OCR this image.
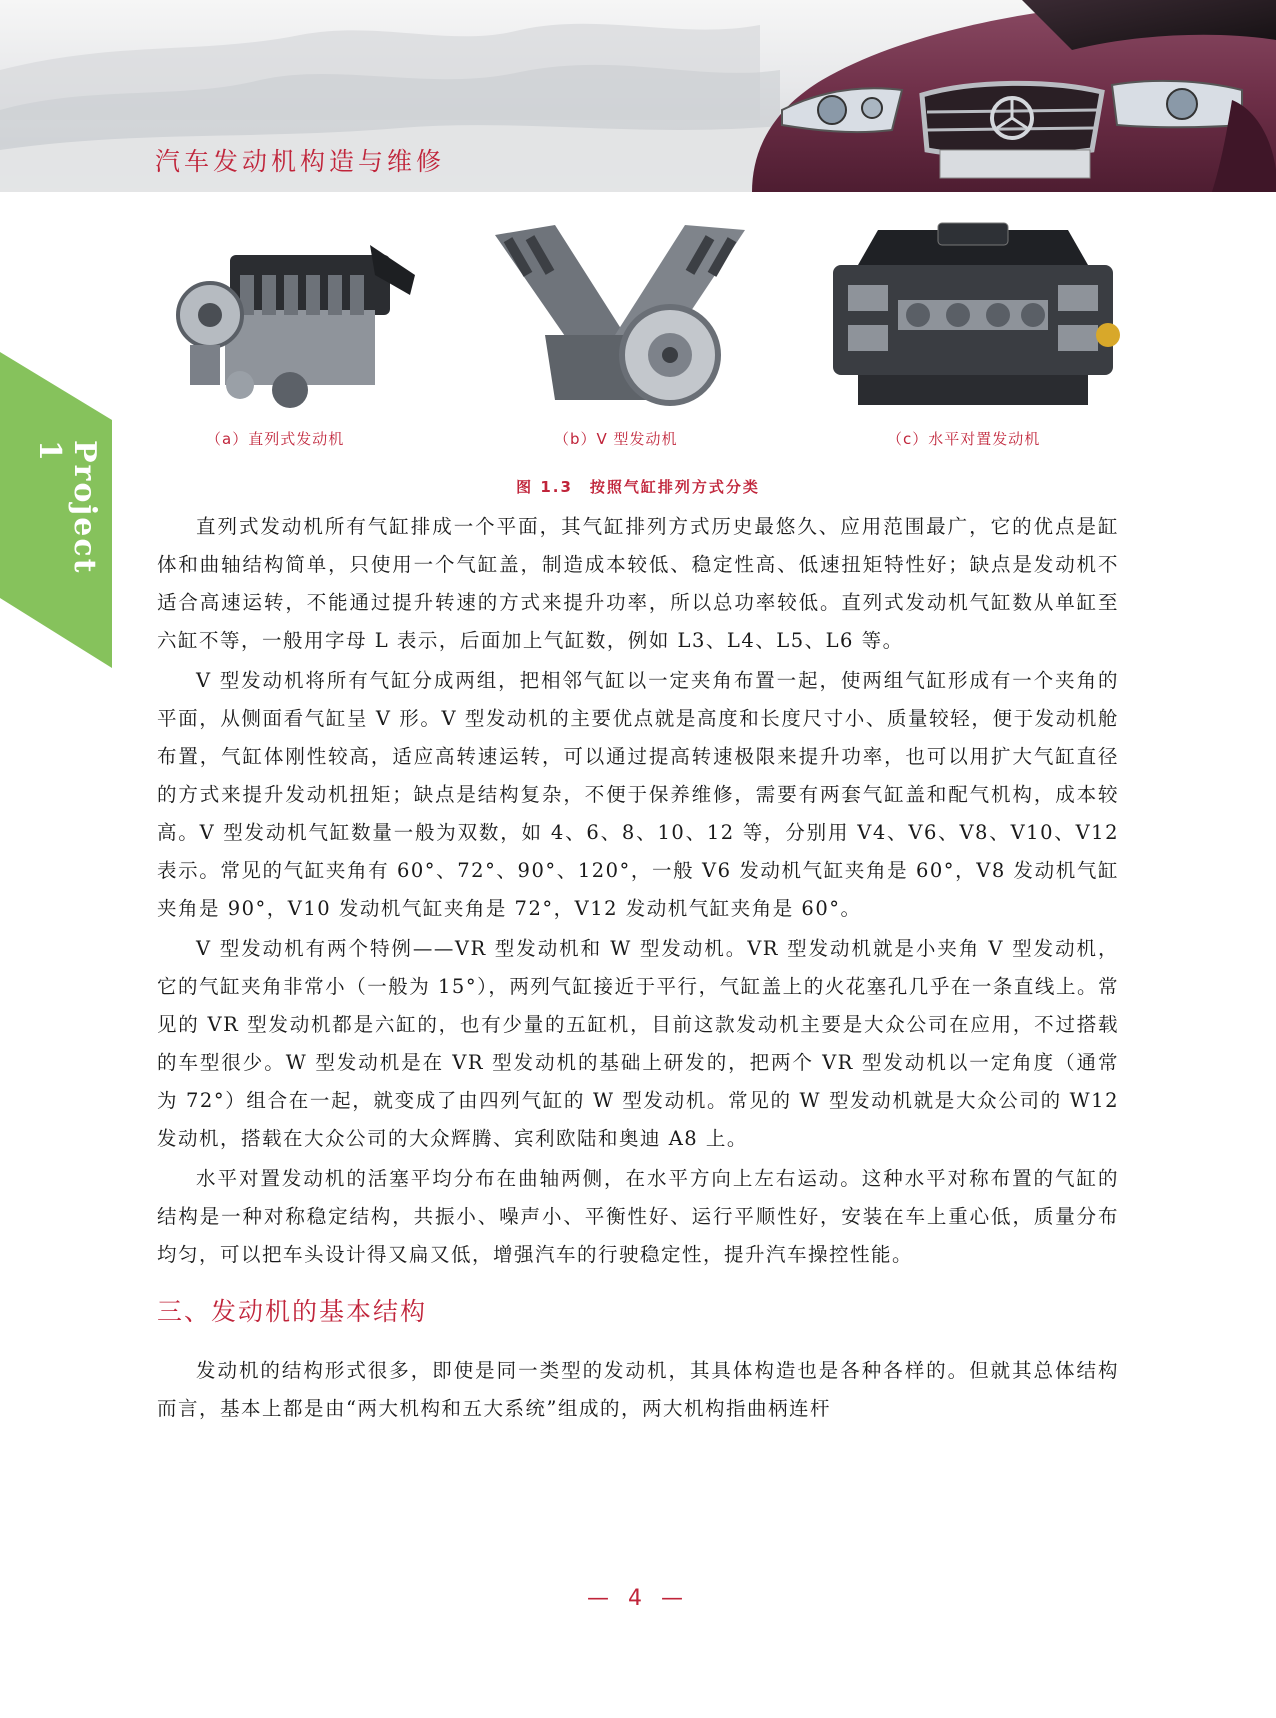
汽车发动机构造与维修
Project 1
（a）直列式发动机	（b）V 型发动机	（c）水平对置发动机
图 1.3　按照气缸排列方式分类

直列式发动机所有气缸排成一个平面，其气缸排列方式历史最悠久、应用范围最广，它的优点是缸体和曲轴结构简单，只使用一个气缸盖，制造成本较低、稳定性高、低速扭矩特性好；缺点是发动机不适合高速运转，不能通过提升转速的方式来提升功率，所以总功率较低。直列式发动机气缸数从单缸至六缸不等，一般用字母 L 表示，后面加上气缸数，例如 L3、L4、L5、L6 等。

V 型发动机将所有气缸分成两组，把相邻气缸以一定夹角布置一起，使两组气缸形成有一个夹角的平面，从侧面看气缸呈 V 形。V 型发动机的主要优点就是高度和长度尺寸小、质量较轻，便于发动机舱布置，气缸体刚性较高，适应高转速运转，可以通过提高转速极限来提升功率，也可以用扩大气缸直径的方式来提升发动机扭矩；缺点是结构复杂，不便于保养维修，需要有两套气缸盖和配气机构，成本较高。V 型发动机气缸数量一般为双数，如 4、6、8、10、12 等，分别用 V4、V6、V8、V10、V12 表示。常见的气缸夹角有 60°、72°、90°、120°，一般 V6 发动机气缸夹角是 60°，V8 发动机气缸夹角是 90°，V10 发动机气缸夹角是 72°，V12 发动机气缸夹角是 60°。

V 型发动机有两个特例——VR 型发动机和 W 型发动机。VR 型发动机就是小夹角 V 型发动机，它的气缸夹角非常小（一般为 15°），两列气缸接近于平行，气缸盖上的火花塞孔几乎在一条直线上。常见的 VR 型发动机都是六缸的，也有少量的五缸机，目前这款发动机主要是大众公司在应用，不过搭载的车型很少。W 型发动机是在 VR 型发动机的基础上研发的，把两个 VR 型发动机以一定角度（通常为 72°）组合在一起，就变成了由四列气缸的 W 型发动机。常见的 W 型发动机就是大众公司的 W12 发动机，搭载在大众公司的大众辉腾、宾利欧陆和奥迪 A8 上。

水平对置发动机的活塞平均分布在曲轴两侧，在水平方向上左右运动。这种水平对称布置的气缸的结构是一种对称稳定结构，共振小、噪声小、平衡性好、运行平顺性好，安装在车上重心低，质量分布均匀，可以把车头设计得又扁又低，增强汽车的行驶稳定性，提升汽车操控性能。

三、发动机的基本结构

发动机的结构形式很多，即使是同一类型的发动机，其具体构造也是各种各样的。但就其总体结构而言，基本上都是由“两大机构和五大系统”组成的，两大机构指曲柄连杆

— 4 —
